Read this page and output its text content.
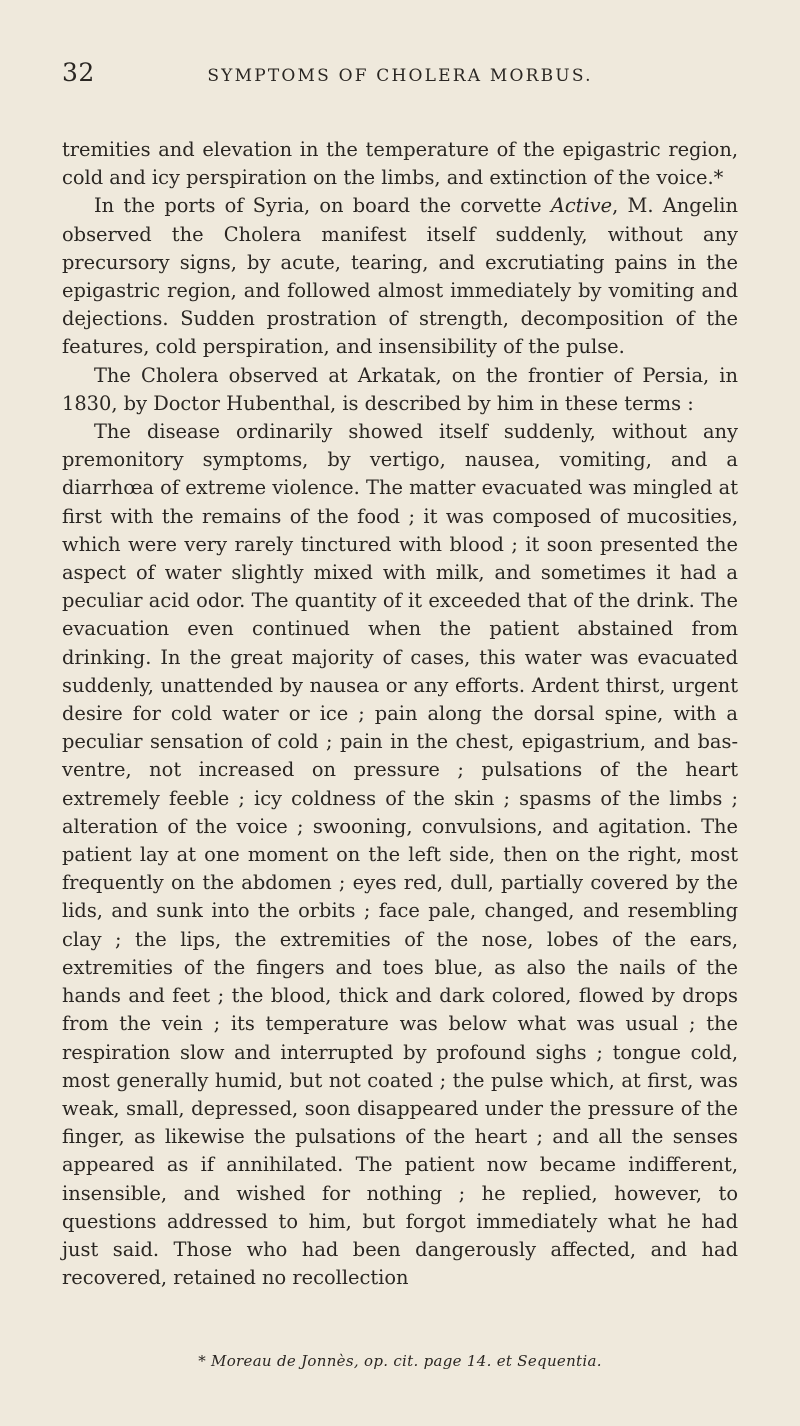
32	SYMPTOMS OF CHOLERA MORBUS.

tremities and elevation in the temperature of the epigastric region, cold and icy perspiration on the limbs, and extinction of the voice.*

In the ports of Syria, on board the corvette Active, M. Angelin observed the Cholera manifest itself suddenly, without any precursory signs, by acute, tearing, and excrutiating pains in the epigastric region, and followed almost immediately by vomiting and dejections. Sudden prostration of strength, decomposition of the features, cold perspiration, and insensibility of the pulse.

The Cholera observed at Arkatak, on the frontier of Persia, in 1830, by Doctor Hubenthal, is described by him in these terms :

The disease ordinarily showed itself suddenly, without any premonitory symptoms, by vertigo, nausea, vomiting, and a diarrhœa of extreme violence. The matter evacuated was mingled at first with the remains of the food ; it was composed of mucosities, which were very rarely tinctured with blood ; it soon presented the aspect of water slightly mixed with milk, and sometimes it had a peculiar acid odor. The quantity of it exceeded that of the drink. The evacuation even continued when the patient abstained from drinking. In the great majority of cases, this water was evacuated suddenly, unattended by nausea or any efforts. Ardent thirst, urgent desire for cold water or ice ; pain along the dorsal spine, with a peculiar sensation of cold ; pain in the chest, epigastrium, and bas-ventre, not increased on pressure ; pulsations of the heart extremely feeble ; icy coldness of the skin ; spasms of the limbs ; alteration of the voice ; swooning, convulsions, and agitation. The patient lay at one moment on the left side, then on the right, most frequently on the abdomen ; eyes red, dull, partially covered by the lids, and sunk into the orbits ; face pale, changed, and resembling clay ; the lips, the extremities of the nose, lobes of the ears, extremities of the fingers and toes blue, as also the nails of the hands and feet ; the blood, thick and dark colored, flowed by drops from the vein ; its temperature was below what was usual ; the respiration slow and interrupted by profound sighs ; tongue cold, most generally humid, but not coated ; the pulse which, at first, was weak, small, depressed, soon disappeared under the pressure of the finger, as likewise the pulsations of the heart ; and all the senses appeared as if annihilated. The patient now became indifferent, insensible, and wished for nothing ; he replied, however, to questions addressed to him, but forgot immediately what he had just said. Those who had been dangerously affected, and had recovered, retained no recollection

* Moreau de Jonnès, op. cit. page 14. et Sequentia.
